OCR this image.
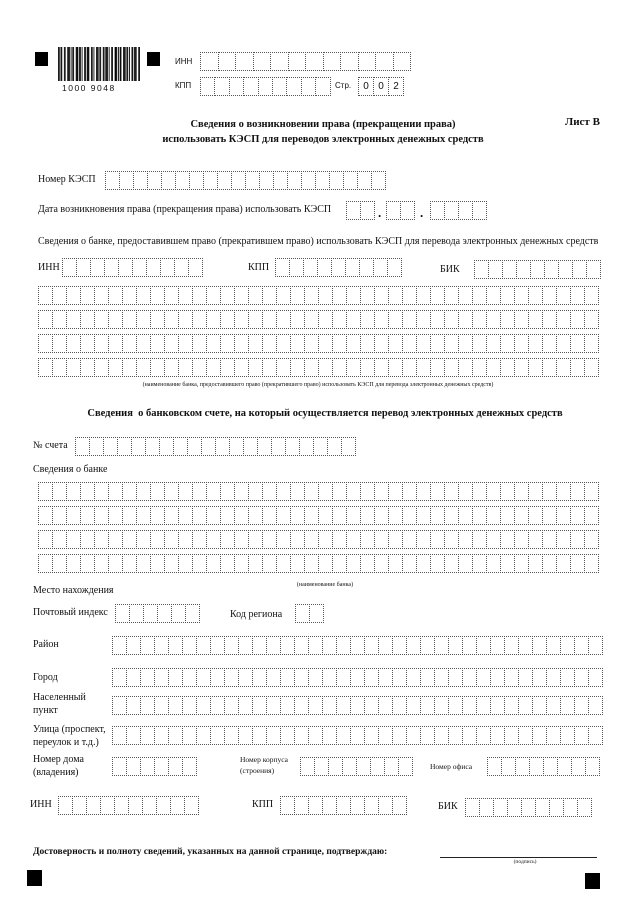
1000 9048
ИНН
КПП	Стр.	0 0 2
Лист В
Сведения о возникновении права (прекращении права)
использовать КЭСП для переводов электронных денежных средств
Номер КЭСП
Дата возникновения права (прекращения права) использовать КЭСП	.	.
Сведения о банке, предоставившем право (прекратившем право) использовать КЭСП для перевода электронных денежных средств
ИНН	КПП	БИК
(наименование банка, предоставившего право (прекратившего право) использовать КЭСП для перевода электронных денежных средств)
Сведения  о банковском счете, на который осуществляется перевод электронных денежных средств
№ счета
Сведения о банке
(наименование банка)
Место нахождения
Почтовый индекс	Код региона
Район
Город
Населенный
пункт
Улица (проспект,
переулок и т.д.)
Номер дома
(владения)
Номер корпуса
(строения)	Номер офиса
ИНН	КПП	БИК
Достоверность и полноту сведений, указанных на данной странице, подтверждаю:
(подпись)
